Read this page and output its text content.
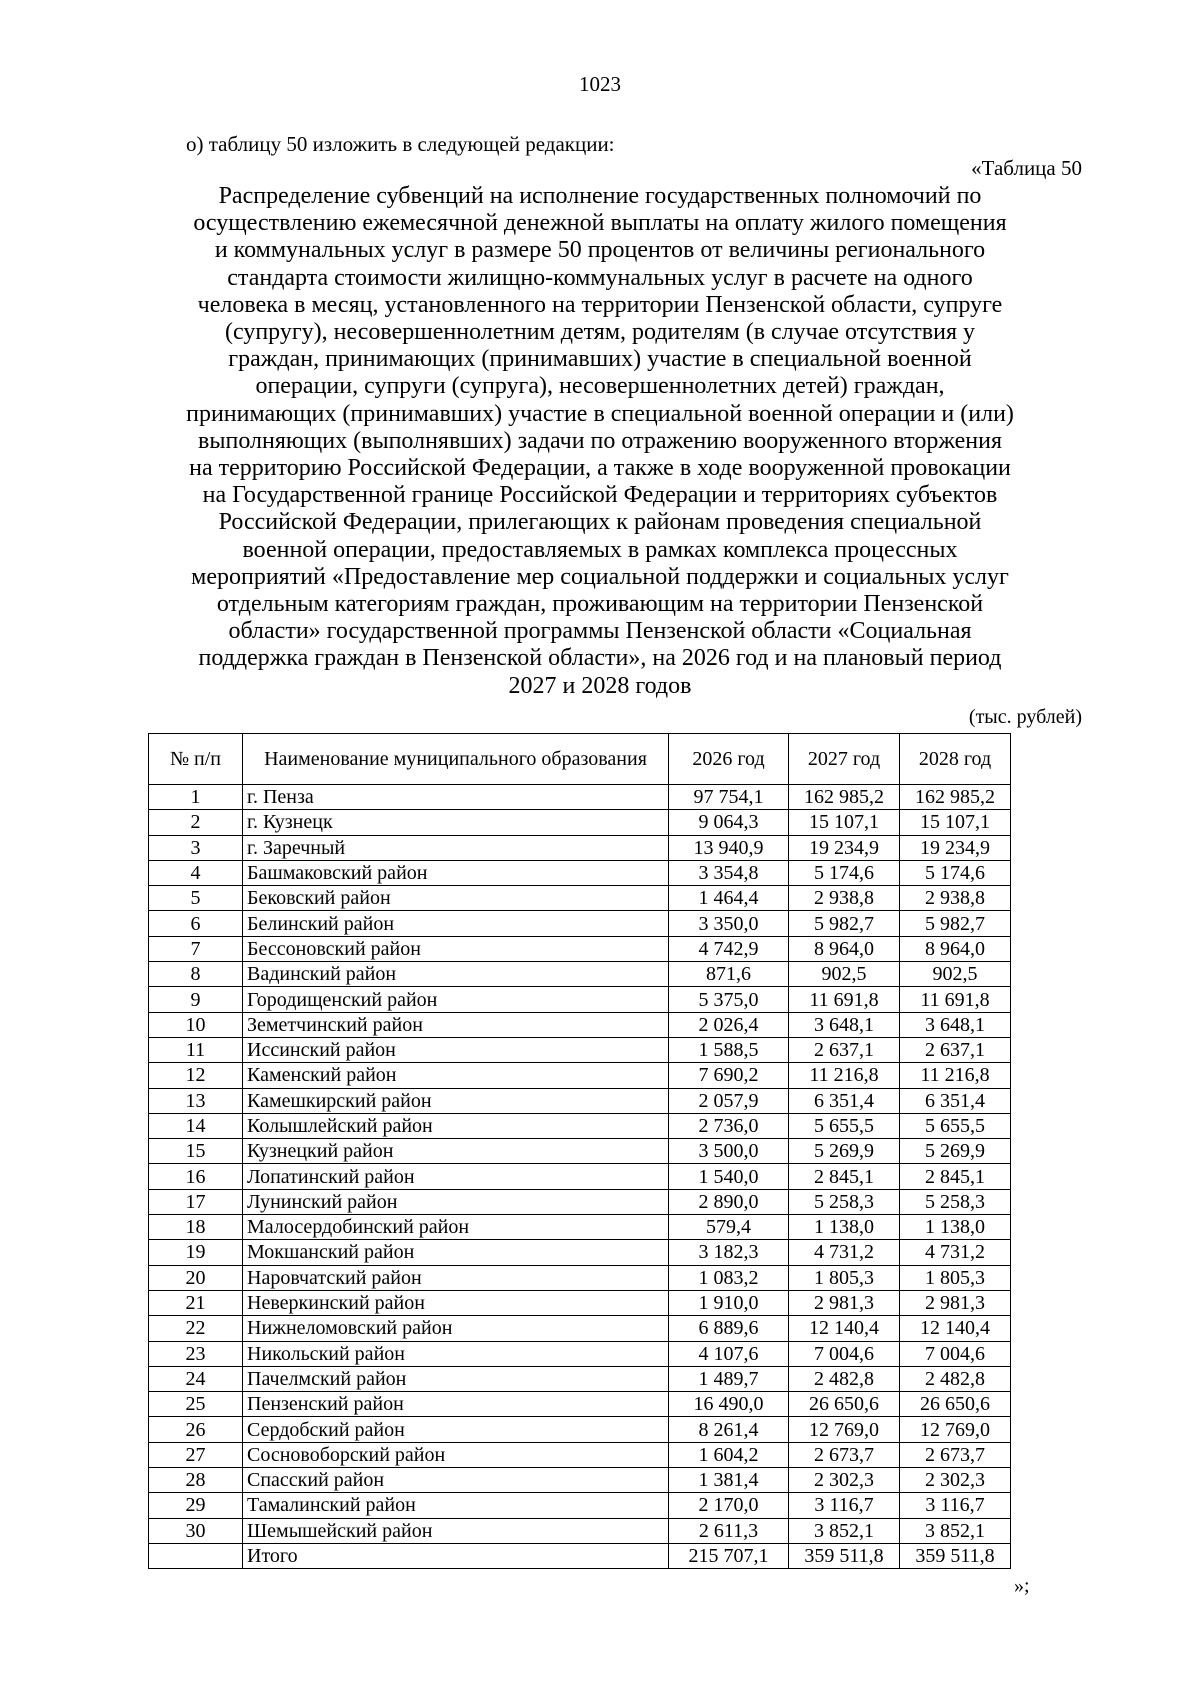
1023
о) таблицу 50 изложить в следующей редакции:
«Таблица 50
Распределение субвенций на исполнение государственных полномочий по
осуществлению ежемесячной денежной выплаты на оплату жилого помещения
и коммунальных услуг в размере 50 процентов от величины регионального
стандарта стоимости жилищно-коммунальных услуг в расчете на одного
человека в месяц, установленного на территории Пензенской области, супруге
(супругу), несовершеннолетним детям, родителям (в случае отсутствия у
граждан, принимающих (принимавших) участие в специальной военной
операции, супруги (супруга), несовершеннолетних детей) граждан,
принимающих (принимавших) участие в специальной военной операции и (или)
выполняющих (выполнявших) задачи по отражению вооруженного вторжения
на территорию Российской Федерации, а также в ходе вооруженной провокации
на Государственной границе Российской Федерации и территориях субъектов
Российской Федерации, прилегающих к районам проведения специальной
военной операции, предоставляемых в рамках комплекса процессных
мероприятий «Предоставление мер социальной поддержки и социальных услуг
отдельным категориям граждан, проживающим на территории Пензенской
области» государственной программы Пензенской области «Социальная
поддержка граждан в Пензенской области», на 2026 год и на плановый период
2027 и 2028 годов
(тыс. рублей)
№ п/п	Наименование муниципального образования	2026 год	2027 год	2028 год
1	г. Пенза	97 754,1	162 985,2	162 985,2
2	г. Кузнецк	9 064,3	15 107,1	15 107,1
3	г. Заречный	13 940,9	19 234,9	19 234,9
4	Башмаковский район	3 354,8	5 174,6	5 174,6
5	Бековский район	1 464,4	2 938,8	2 938,8
6	Белинский район	3 350,0	5 982,7	5 982,7
7	Бессоновский район	4 742,9	8 964,0	8 964,0
8	Вадинский район	871,6	902,5	902,5
9	Городищенский район	5 375,0	11 691,8	11 691,8
10	Земетчинский район	2 026,4	3 648,1	3 648,1
11	Иссинский район	1 588,5	2 637,1	2 637,1
12	Каменский район	7 690,2	11 216,8	11 216,8
13	Камешкирский район	2 057,9	6 351,4	6 351,4
14	Колышлейский район	2 736,0	5 655,5	5 655,5
15	Кузнецкий район	3 500,0	5 269,9	5 269,9
16	Лопатинский район	1 540,0	2 845,1	2 845,1
17	Лунинский район	2 890,0	5 258,3	5 258,3
18	Малосердобинский район	579,4	1 138,0	1 138,0
19	Мокшанский район	3 182,3	4 731,2	4 731,2
20	Наровчатский район	1 083,2	1 805,3	1 805,3
21	Неверкинский район	1 910,0	2 981,3	2 981,3
22	Нижнеломовский район	6 889,6	12 140,4	12 140,4
23	Никольский район	4 107,6	7 004,6	7 004,6
24	Пачелмский район	1 489,7	2 482,8	2 482,8
25	Пензенский район	16 490,0	26 650,6	26 650,6
26	Сердобский район	8 261,4	12 769,0	12 769,0
27	Сосновоборский район	1 604,2	2 673,7	2 673,7
28	Спасский район	1 381,4	2 302,3	2 302,3
29	Тамалинский район	2 170,0	3 116,7	3 116,7
30	Шемышейский район	2 611,3	3 852,1	3 852,1
	Итого	215 707,1	359 511,8	359 511,8
»;
